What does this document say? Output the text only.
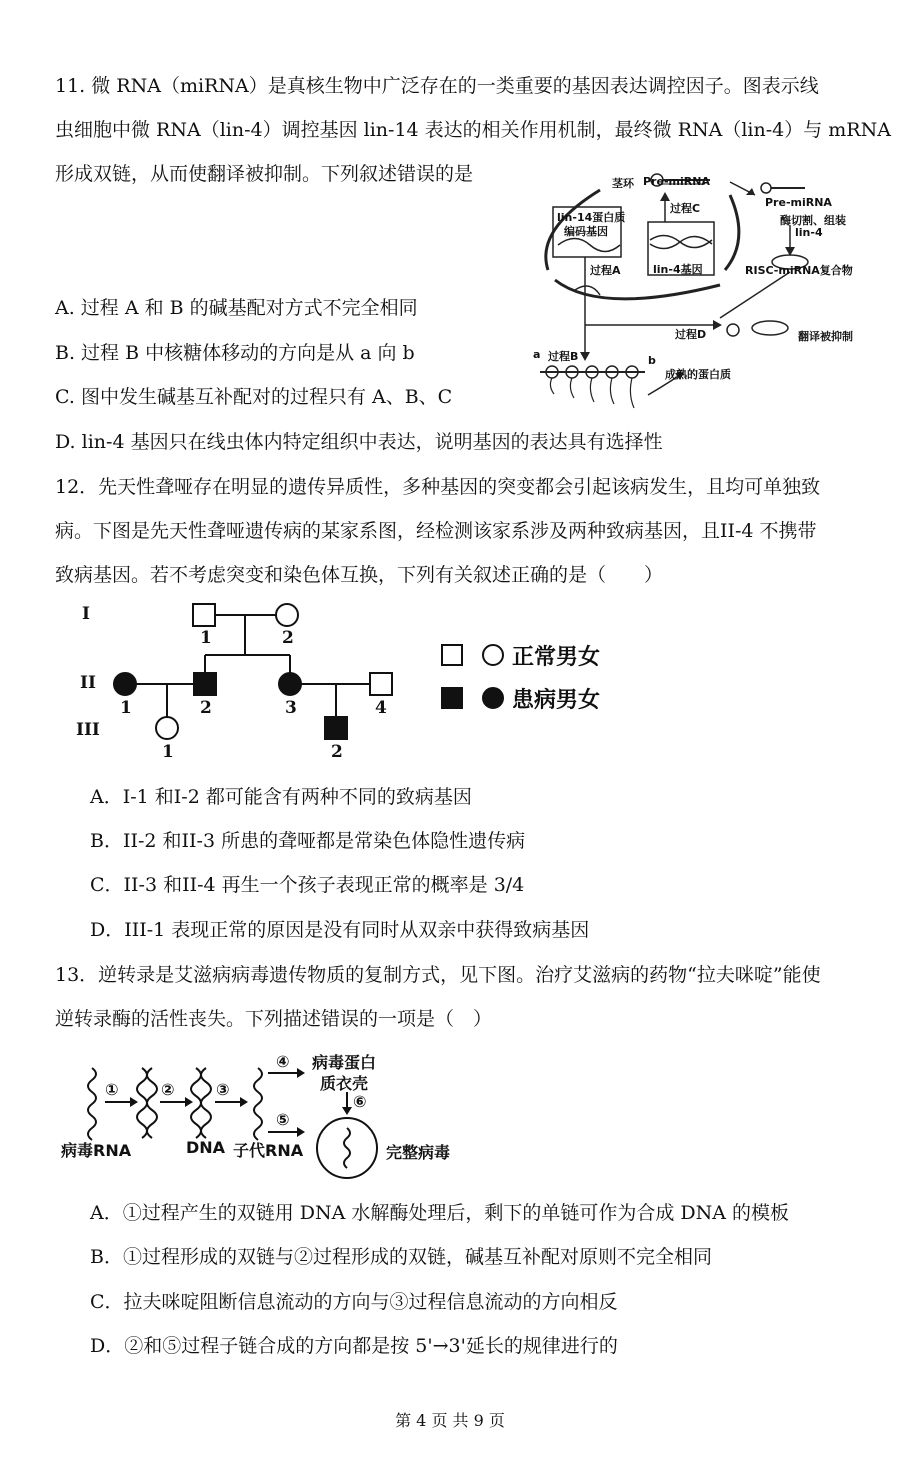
11. 微 RNA（miRNA）是真核生物中广泛存在的一类重要的基因表达调控因子。图表示线
虫细胞中微 RNA（lin-4）调控基因 lin-14 表达的相关作用机制，最终微 RNA（lin-4）与 mRNA
形成双链，从而使翻译被抑制。下列叙述错误的是	茎环 Pre-miRNA
Pre-miRNA
过程C
酶切割、组装
lin-4
lin-14蛋白质
编码基因
lin-4基因
过程A	RISC-miRNA复合物
过程D	翻译被抑制
a 过程B	b
成熟的蛋白质
A. 过程 A 和 B 的碱基配对方式不完全相同
B. 过程 B 中核糖体移动的方向是从 a 向 b
C. 图中发生碱基互补配对的过程只有 A、B、C
D. lin-4 基因只在线虫体内特定组织中表达，说明基因的表达具有选择性
12．先天性聋哑存在明显的遗传异质性，多种基因的突变都会引起该病发生，且均可单独致
病。下图是先天性聋哑遗传病的某家系图，经检测该家系涉及两种致病基因，且II-4 不携带
致病基因。若不考虑突变和染色体互换，下列有关叙述正确的是（　　）
I
II
III
1	2
1	2	3	4
1	2
正常男女
患病男女
A．I-1 和I-2 都可能含有两种不同的致病基因
B．II-2 和II-3 所患的聋哑都是常染色体隐性遗传病
C．II-3 和II-4 再生一个孩子表现正常的概率是 3/4
D．III-1 表现正常的原因是没有同时从双亲中获得致病基因
13．逆转录是艾滋病病毒遗传物质的复制方式，见下图。治疗艾滋病的药物“拉夫咪啶”能使
逆转录酶的活性丧失。下列描述错误的一项是（　）
①	②	③
④
⑤
⑥
病毒RNA	DNA 子代RNA
病毒蛋白
质衣壳
完整病毒
A．①过程产生的双链用 DNA 水解酶处理后，剩下的单链可作为合成 DNA 的模板
B．①过程形成的双链与②过程形成的双链，碱基互补配对原则不完全相同
C．拉夫咪啶阻断信息流动的方向与③过程信息流动的方向相反
D．②和⑤过程子链合成的方向都是按 5'→3'延长的规律进行的
第 4 页 共 9 页
